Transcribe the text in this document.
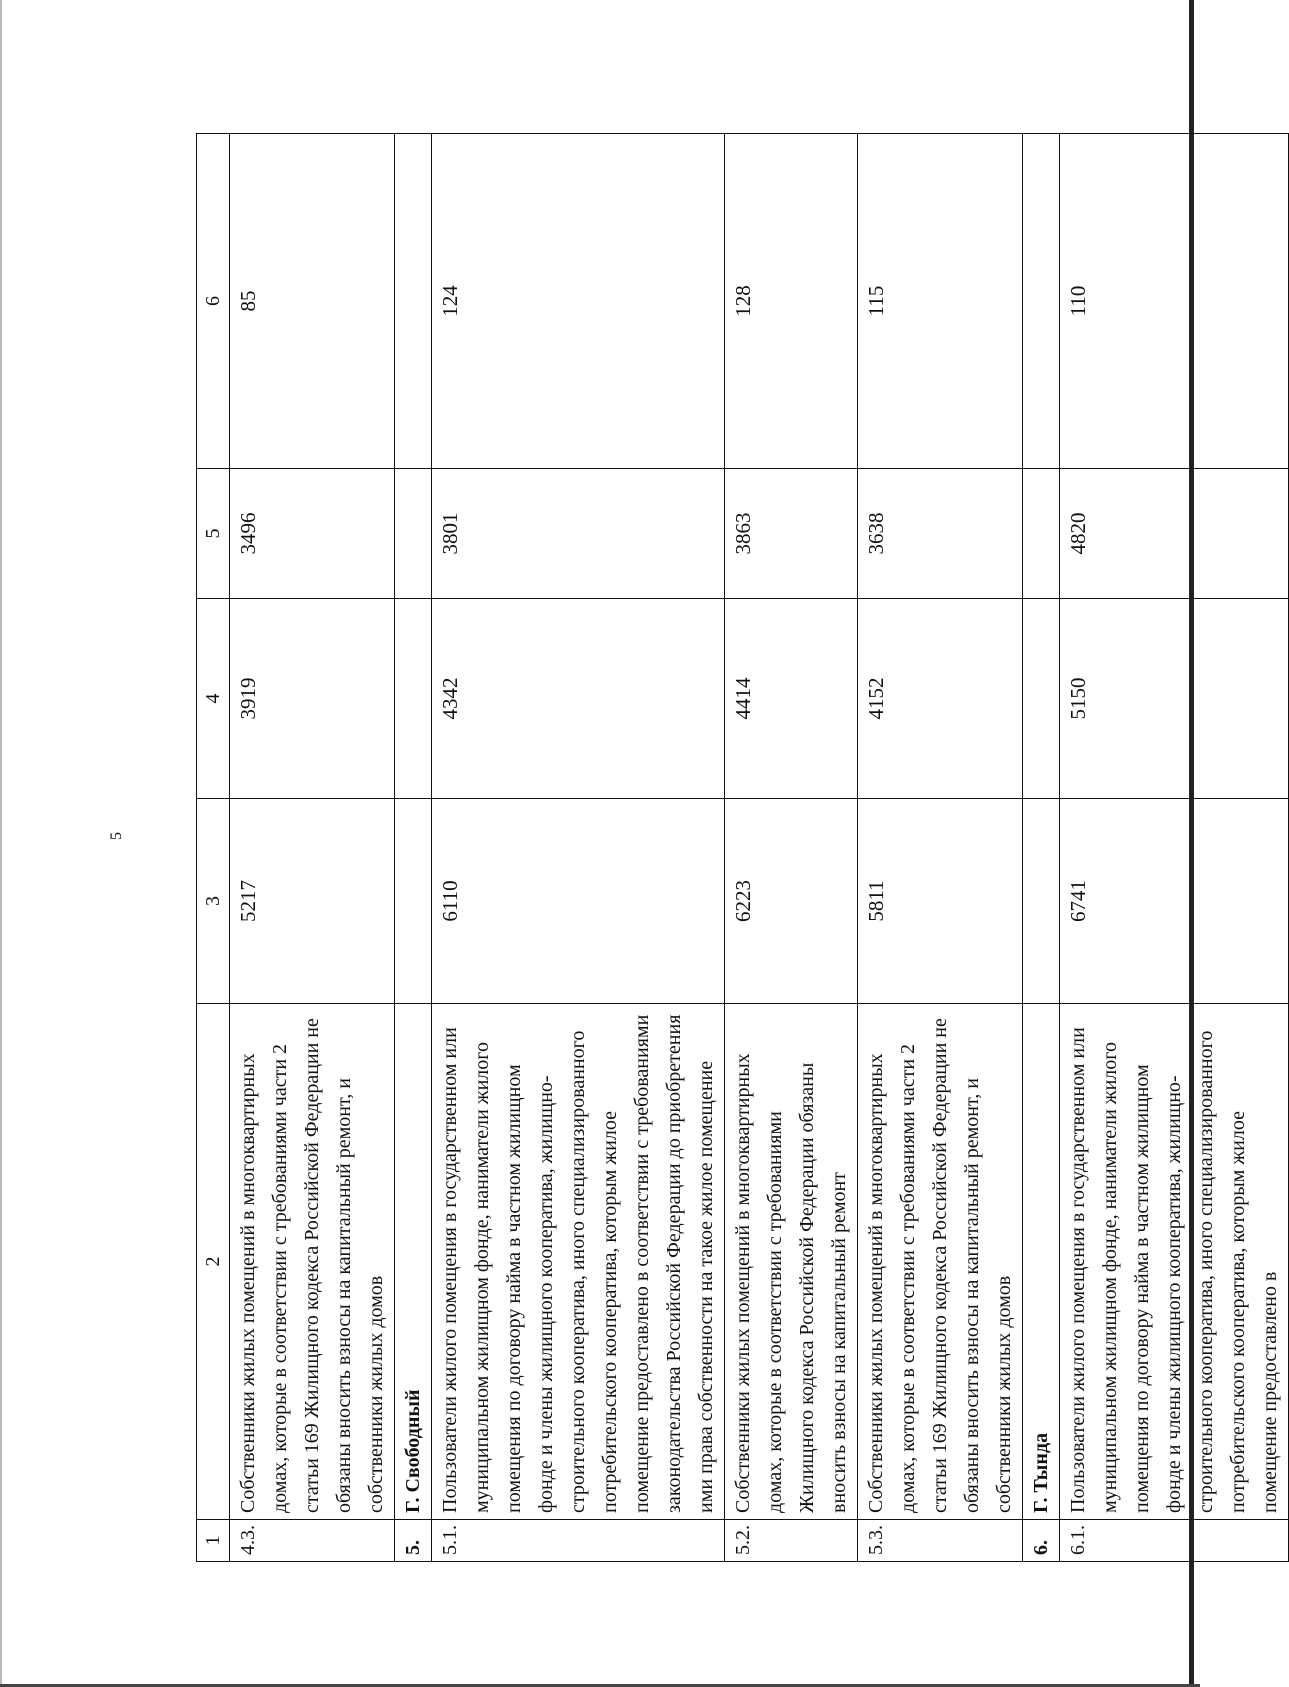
5
1	2	3	4	5	6
4.3.	Собственники жилых помещений в многоквартирных домах, которые в соответствии с требованиями части 2 статьи 169 Жилищного кодекса Российской Федерации не обязаны вносить взносы на капитальный ремонт, и собственники жилых домов	5217	3919	3496	85
5.	Г. Свободный				
5.1.	Пользователи жилого помещения в государственном или муниципальном жилищном фонде, наниматели жилого помещения по договору найма в частном жилищном фонде и члены жилищного кооператива, жилищно-строительного кооператива, иного специализированного потребительского кооператива, которым жилое помещение предоставлено в соответствии с требованиями законодательства Российской Федерации до приобретения ими права собственности на такое жилое помещение	6110	4342	3801	124
5.2.	Собственники жилых помещений в многоквартирных домах, которые в соответствии с требованиями Жилищного кодекса Российской Федерации обязаны вносить взносы на капитальный ремонт	6223	4414	3863	128
5.3.	Собственники жилых помещений в многоквартирных домах, которые в соответствии с требованиями части 2 статьи 169 Жилищного кодекса Российской Федерации не обязаны вносить взносы на капитальный ремонт, и собственники жилых домов	5811	4152	3638	115
6.	Г. Тында				
6.1.	Пользователи жилого помещения в государственном или муниципальном жилищном фонде, наниматели жилого помещения по договору найма в частном жилищном фонде и члены жилищного кооператива, жилищно-строительного кооператива, иного специализированного потребительского кооператива, которым жилое помещение предоставлено в	6741	5150	4820	110
